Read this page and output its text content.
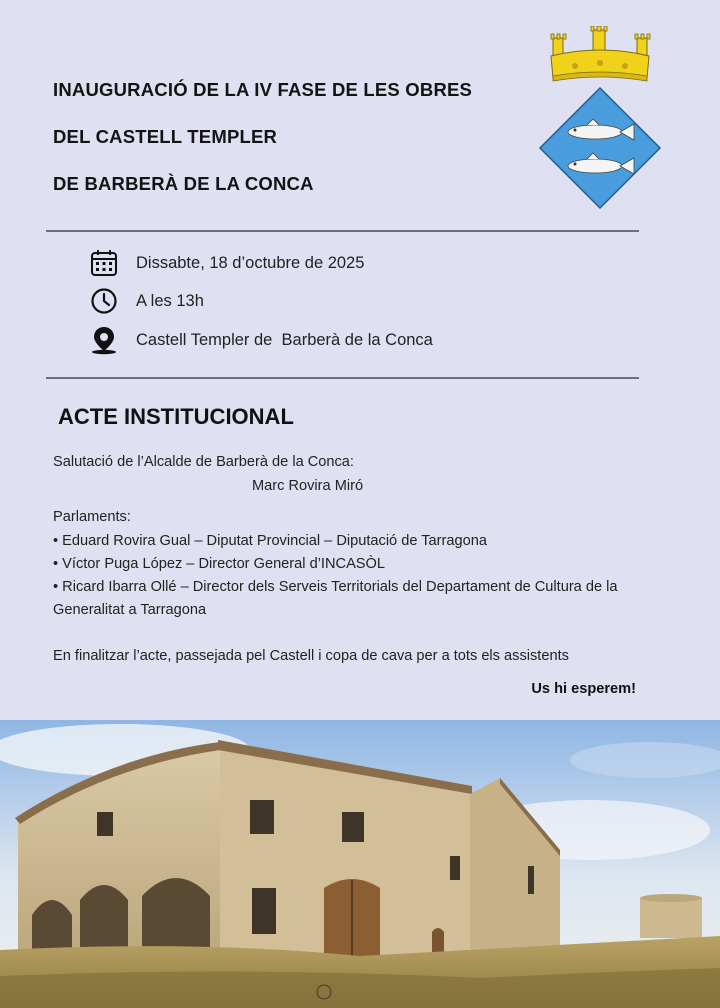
INAUGURACIÓ DE LA IV FASE DE LES OBRES
DEL CASTELL TEMPLER
DE BARBERÀ DE LA CONCA
Dissabte, 18 d’octubre de 2025
A les 13h
Castell Templer de  Barberà de la Conca
ACTE INSTITUCIONAL
Salutació de l’Alcalde de Barberà de la Conca:
Marc Rovira Miró
Parlaments:
• Eduard Rovira Gual – Diputat Provincial – Diputació de Tarragona
• Víctor Puga López – Director General d’INCASÒL
• Ricard Ibarra Ollé – Director dels Serveis Territorials del Departament de Cultura de la
Generalitat a Tarragona
En finalitzar l’acte, passejada pel Castell i copa de cava per a tots els assistents
Us hi esperem!
